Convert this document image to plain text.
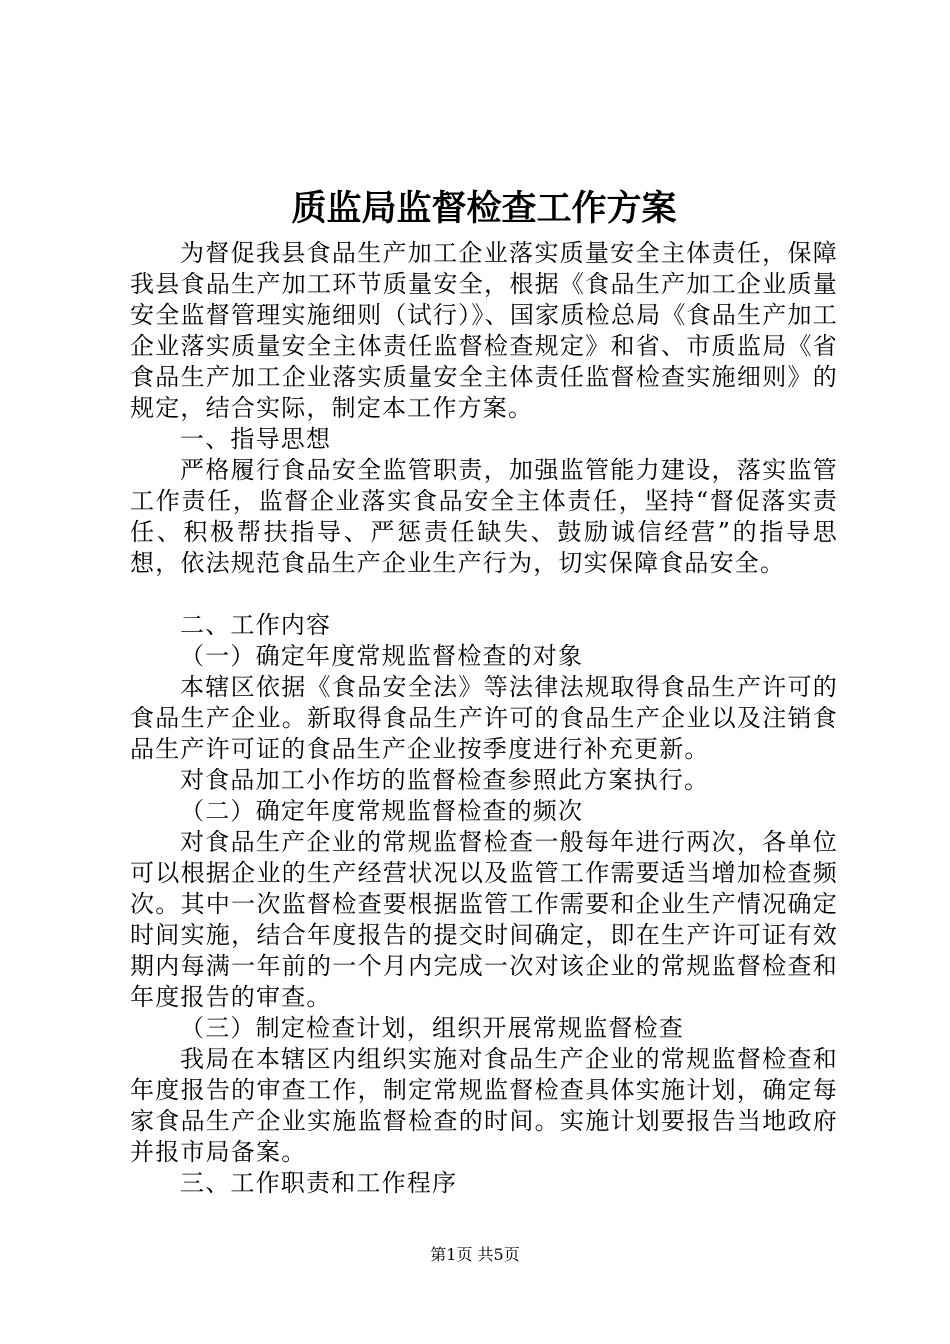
质监局监督检查工作方案

为督促我县食品生产加工企业落实质量安全主体责任，保障我县食品生产加工环节质量安全，根据《食品生产加工企业质量安全监督管理实施细则（试行）》、国家质检总局《食品生产加工企业落实质量安全主体责任监督检查规定》和省、市质监局《省食品生产加工企业落实质量安全主体责任监督检查实施细则》的规定，结合实际，制定本工作方案。

一、指导思想

严格履行食品安全监管职责，加强监管能力建设，落实监管工作责任，监督企业落实食品安全主体责任，坚持“督促落实责任、积极帮扶指导、严惩责任缺失、鼓励诚信经营”的指导思想，依法规范食品生产企业生产行为，切实保障食品安全。

二、工作内容

（一）确定年度常规监督检查的对象

本辖区依据《食品安全法》等法律法规取得食品生产许可的食品生产企业。新取得食品生产许可的食品生产企业以及注销食品生产许可证的食品生产企业按季度进行补充更新。

对食品加工小作坊的监督检查参照此方案执行。

（二）确定年度常规监督检查的频次

对食品生产企业的常规监督检查一般每年进行两次，各单位可以根据企业的生产经营状况以及监管工作需要适当增加检查频次。其中一次监督检查要根据监管工作需要和企业生产情况确定时间实施，结合年度报告的提交时间确定，即在生产许可证有效期内每满一年前的一个月内完成一次对该企业的常规监督检查和年度报告的审查。

（三）制定检查计划，组织开展常规监督检查

我局在本辖区内组织实施对食品生产企业的常规监督检查和年度报告的审查工作，制定常规监督检查具体实施计划，确定每家食品生产企业实施监督检查的时间。实施计划要报告当地政府并报市局备案。

三、工作职责和工作程序

第1页 共5页
